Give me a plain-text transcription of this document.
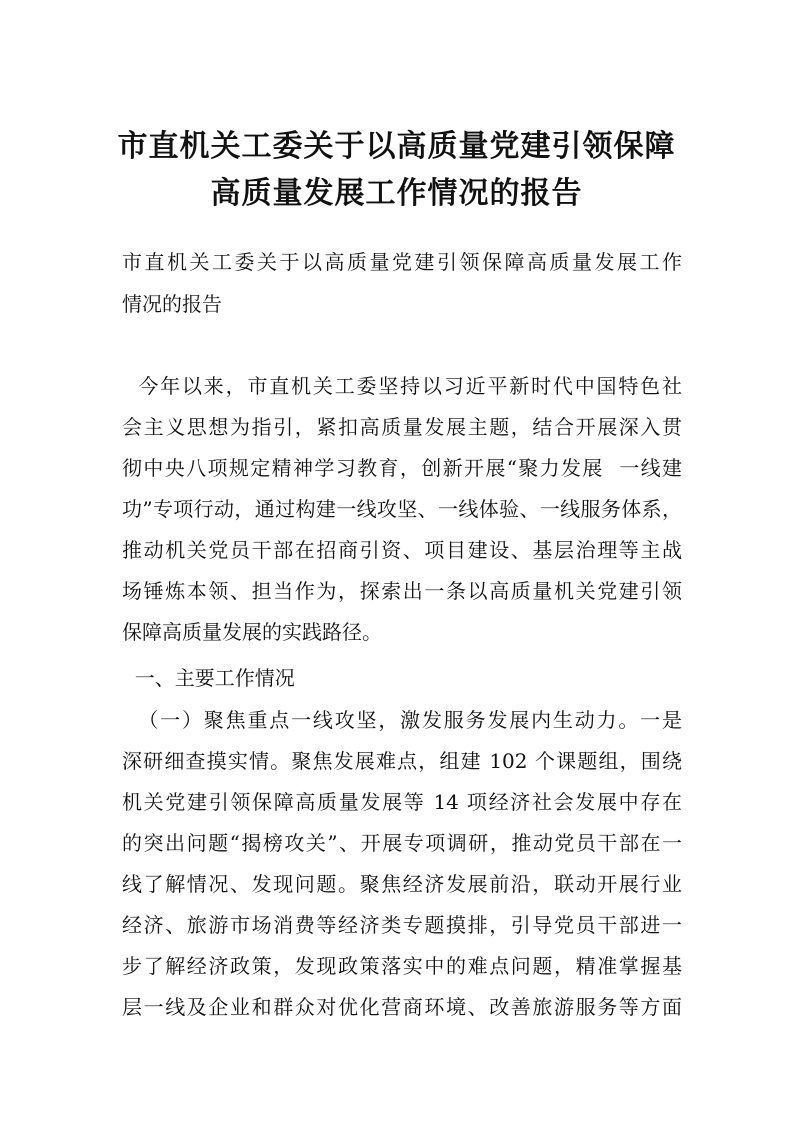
市直机关工委关于以高质量党建引领保障
高质量发展工作情况的报告
市直机关工委关于以高质量党建引领保障高质量发展工作
情况的报告
今年以来，市直机关工委坚持以习近平新时代中国特色社
会主义思想为指引，紧扣高质量发展主题，结合开展深入贯
彻中央八项规定精神学习教育，创新开展“聚力发展  一线建
功”专项行动，通过构建一线攻坚、一线体验、一线服务体系，
推动机关党员干部在招商引资、项目建设、基层治理等主战
场锤炼本领、担当作为，探索出一条以高质量机关党建引领
保障高质量发展的实践路径。
一、主要工作情况
（一）聚焦重点一线攻坚，激发服务发展内生动力。一是
深研细查摸实情。聚焦发展难点，组建 102 个课题组，围绕
机关党建引领保障高质量发展等 14 项经济社会发展中存在
的突出问题“揭榜攻关”、开展专项调研，推动党员干部在一
线了解情况、发现问题。聚焦经济发展前沿，联动开展行业
经济、旅游市场消费等经济类专题摸排，引导党员干部进一
步了解经济政策，发现政策落实中的难点问题，精准掌握基
层一线及企业和群众对优化营商环境、改善旅游服务等方面
